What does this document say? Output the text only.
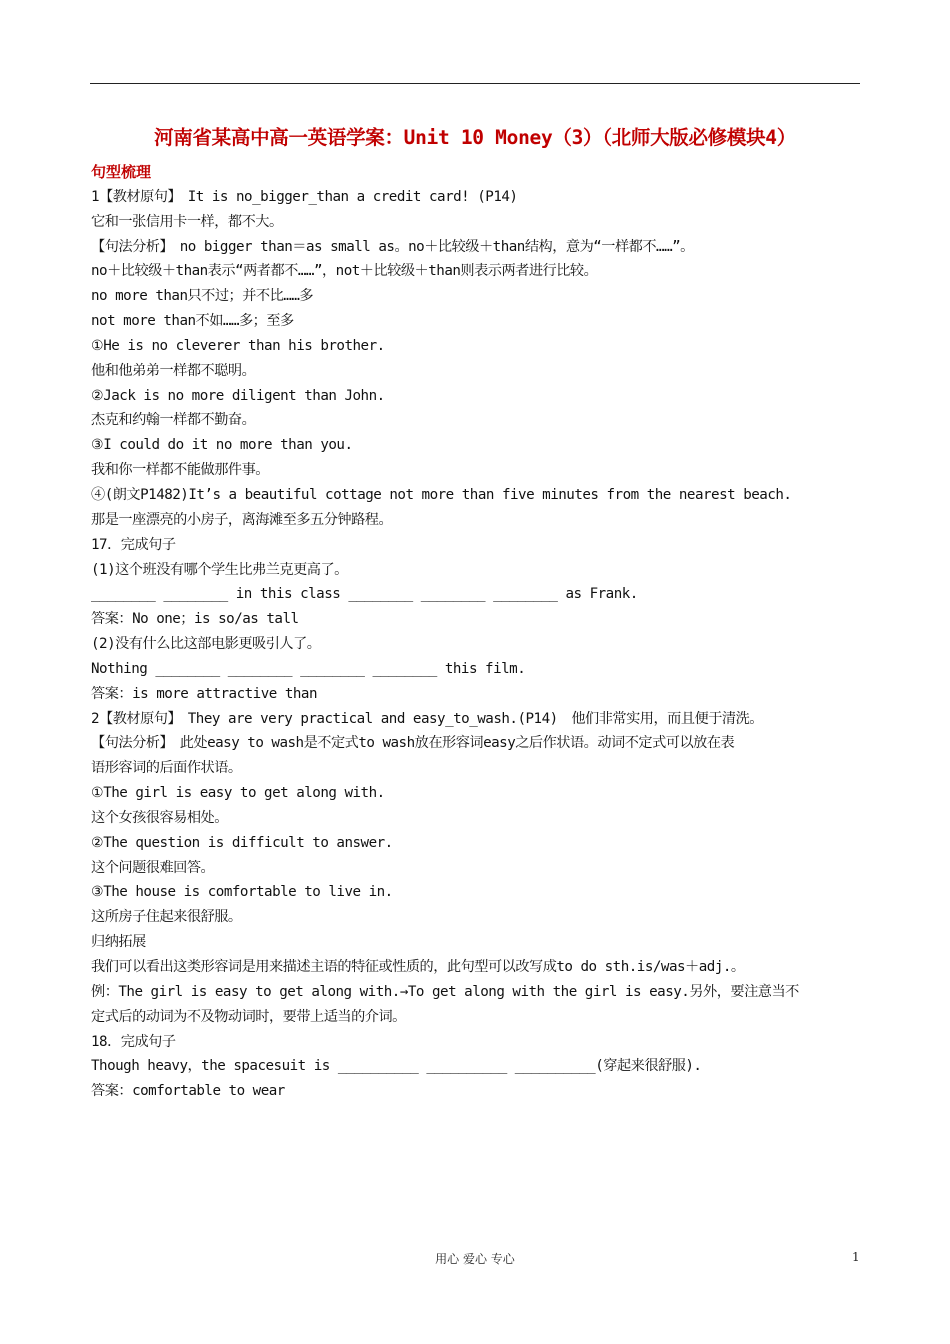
河南省某高中高一英语学案：Unit 10 Money（3）（北师大版必修模块4）
句型梳理
1【教材原句】　It is no_bigger_than a credit card! (P14)
它和一张信用卡一样，都不大。
【句法分析】　no bigger than＝as small as。no＋比较级＋than结构，意为“一样都不……”。
no＋比较级＋than表示“两者都不……”，not＋比较级＋than则表示两者进行比较。
no more than只不过；并不比……多
not more than不如……多；至多
①He is no cleverer than his brother.
他和他弟弟一样都不聪明。
②Jack is no more diligent than John.
杰克和约翰一样都不勤奋。
③I could do it no more than you.
我和你一样都不能做那件事。
④(朗文P1482)It’s a beautiful cottage not more than five minutes from the nearest beach.
那是一座漂亮的小房子，离海滩至多五分钟路程。
17．完成句子
(1)这个班没有哪个学生比弗兰克更高了。
________ ________ in this class ________ ________ ________ as Frank.
答案：No one；is so/as tall
(2)没有什么比这部电影更吸引人了。
Nothing ________ ________ ________ ________ this film.
答案：is more attractive than
2【教材原句】　They are very practical and easy_to_wash.(P14)　他们非常实用，而且便于清洗。
【句法分析】　此处easy to wash是不定式to wash放在形容词easy之后作状语。动词不定式可以放在表
语形容词的后面作状语。
①The girl is easy to get along with.
这个女孩很容易相处。
②The question is difficult to answer.
这个问题很难回答。
③The house is comfortable to live in.
这所房子住起来很舒服。
归纳拓展
我们可以看出这类形容词是用来描述主语的特征或性质的，此句型可以改写成to do sth.is/was＋adj.。
例：The girl is easy to get along with.→To get along with the girl is easy.另外，要注意当不
定式后的动词为不及物动词时，要带上适当的介词。
18．完成句子
Though heavy，the spacesuit is __________ __________ __________(穿起来很舒服).
答案：comfortable to wear
用心 爱心 专心	1
